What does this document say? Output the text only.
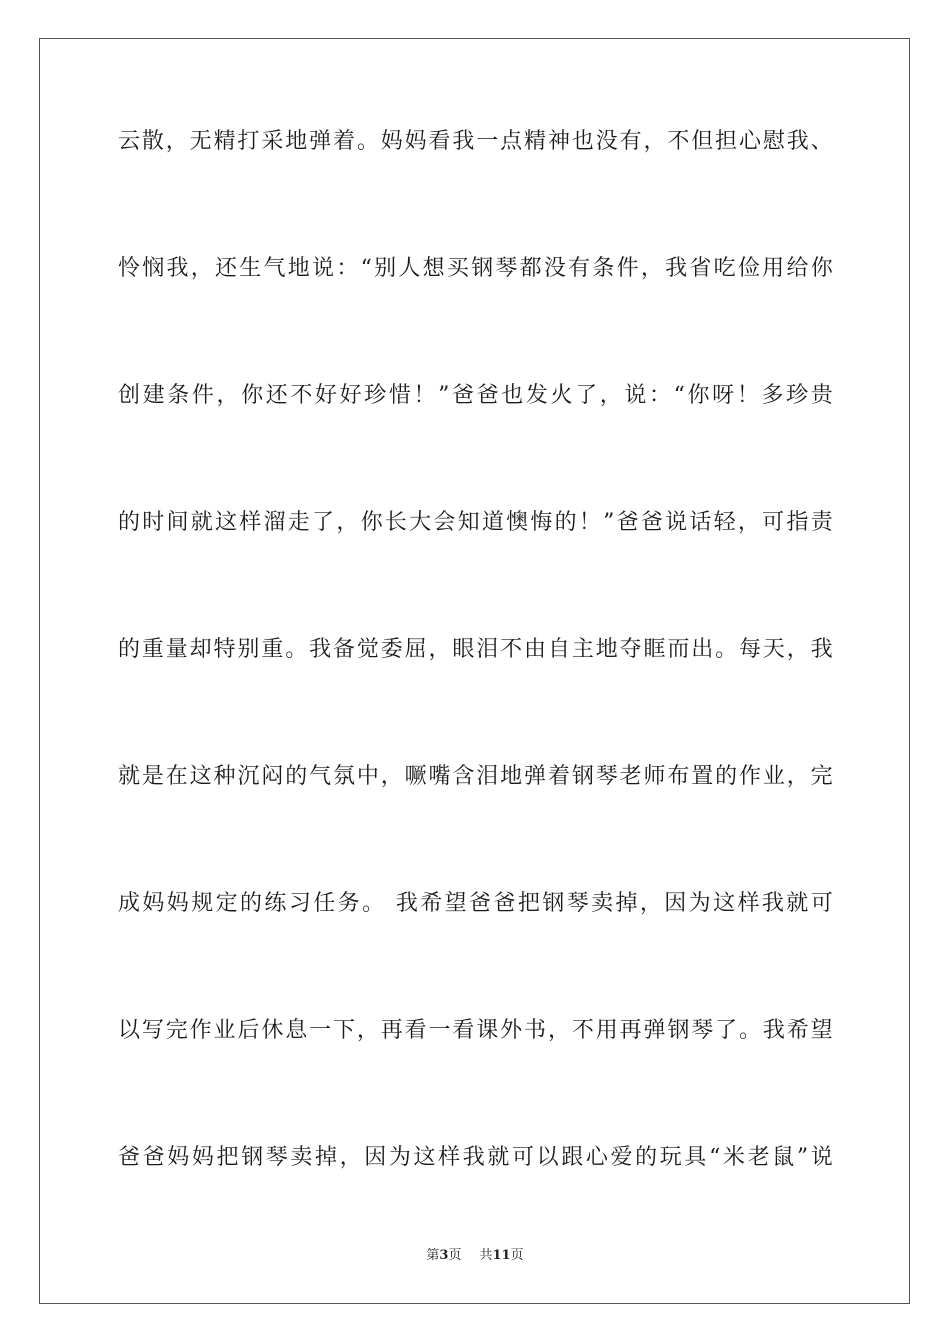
云散，无精打采地弹着。妈妈看我一点精神也没有，不但担心慰我、
怜悯我，还生气地说：“别人想买钢琴都没有条件，我省吃俭用给你
创建条件，你还不好好珍惜！”爸爸也发火了，说：“你呀！多珍贵
的时间就这样溜走了，你长大会知道懊悔的！”爸爸说话轻，可指责
的重量却特别重。我备觉委屈，眼泪不由自主地夺眶而出。每天，我
就是在这种沉闷的气氛中，噘嘴含泪地弹着钢琴老师布置的作业，完
成妈妈规定的练习任务。 我希望爸爸把钢琴卖掉，因为这样我就可
以写完作业后休息一下，再看一看课外书，不用再弹钢琴了。我希望
爸爸妈妈把钢琴卖掉，因为这样我就可以跟心爱的玩具“米老鼠”说
第3页 共11页
